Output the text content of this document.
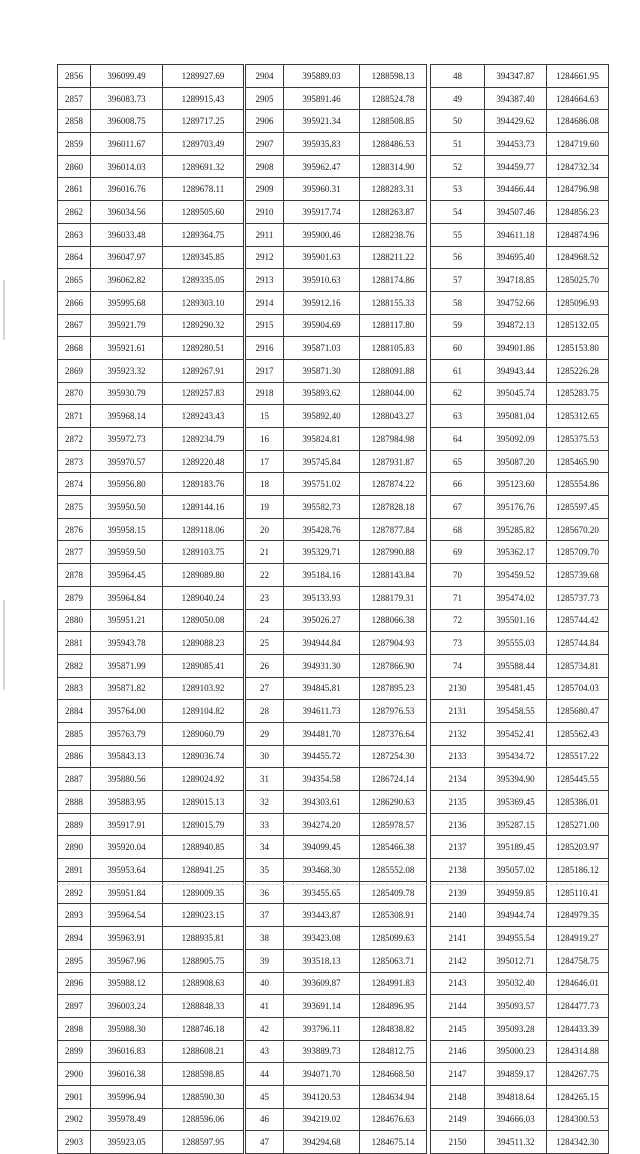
2856	396099.49	1289927.69
2857	396083.73	1289915.43
2858	396008.75	1289717.25
2859	396011.67	1289703.49
2860	396014.03	1289691.32
2861	396016.76	1289678.11
2862	396034.56	1289505.60
2863	396033.48	1289364.75
2864	396047.97	1289345.85
2865	396062.82	1289335.05
2866	395995.68	1289303.10
2867	395921.79	1289290.32
2868	395921.61	1289280.51
2869	395923.32	1289267.91
2870	395930.79	1289257.83
2871	395968.14	1289243.43
2872	395972.73	1289234.79
2873	395970.57	1289220.48
2874	395956.80	1289183.76
2875	395950.50	1289144.16
2876	395958.15	1289118.06
2877	395959.50	1289103.75
2878	395964.45	1289089.80
2879	395964.84	1289040.24
2880	395951.21	1289050.08
2881	395943.78	1289088.23
2882	395871.99	1289085.41
2883	395871.82	1289103.92
2884	395764.00	1289104.82
2885	395763.79	1289060.79
2886	395843.13	1289036.74
2887	395880.56	1289024.92
2888	395883.95	1289015.13
2889	395917.91	1289015.79
2890	395920.04	1288940.85
2891	395953.64	1288941.25
2892	395951.84	1289009.35
2893	395964.54	1289023.15
2894	395963.91	1288935.81
2895	395967.96	1288905.75
2896	395988.12	1288908.63
2897	396003.24	1288848.33
2898	395988.30	1288746.18
2899	396016.83	1288608.21
2900	396016.38	1288598.85
2901	395996.94	1288590.30
2902	395978.49	1288596.06
2903	395923.05	1288597.95
2904	395889.03	1288598.13
2905	395891.46	1288524.78
2906	395921.34	1288508.85
2907	395935.83	1288486.53
2908	395962.47	1288314.90
2909	395960.31	1288283.31
2910	395917.74	1288263.87
2911	395900.46	1288238.76
2912	395901.63	1288211.22
2913	395910.63	1288174.86
2914	395912.16	1288155.33
2915	395904.69	1288117.80
2916	395871.03	1288105.83
2917	395871.30	1288091.88
2918	395893.62	1288044.00
15	395892.40	1288043.27
16	395824.81	1287984.98
17	395745.84	1287931.87
18	395751.02	1287874.22
19	395582.73	1287828.18
20	395428.76	1287877.84
21	395329.71	1287990.88
22	395184.16	1288143.84
23	395133.93	1288179.31
24	395026.27	1288066.38
25	394944.84	1287904.93
26	394931.30	1287866.90
27	394845.81	1287895.23
28	394611.73	1287976.53
29	394481.70	1287376.64
30	394455.72	1287254.30
31	394354.58	1286724.14
32	394303.61	1286290.63
33	394274.20	1285978.57
34	394099.45	1285466.38
35	393468.30	1285552.08
36	393455.65	1285409.78
37	393443.87	1285308.91
38	393423.08	1285099.63
39	393518.13	1285063.71
40	393609.87	1284991.83
41	393691.14	1284896.95
42	393796.11	1284838.82
43	393889.73	1284812.75
44	394071.70	1284668.50
45	394120.53	1284634.94
46	394219.02	1284676.63
47	394294.68	1284675.14
48	394347.87	1284661.95
49	394387.40	1284664.63
50	394429.62	1284686.08
51	394453.73	1284719.60
52	394459.77	1284732.34
53	394466.44	1284796.98
54	394507.46	1284856.23
55	394611.18	1284874.96
56	394695.40	1284968.52
57	394718.85	1285025.70
58	394752.66	1285096.93
59	394872.13	1285132.05
60	394901.86	1285153.80
61	394943.44	1285226.28
62	395045.74	1285283.75
63	395081.04	1285312.65
64	395092.09	1285375.53
65	395087.20	1285465.90
66	395123.60	1285554.86
67	395176.76	1285597.45
68	395285.82	1285670.20
69	395362.17	1285709.70
70	395459.52	1285739.68
71	395474.02	1285737.73
72	395501.16	1285744.42
73	395555.03	1285744.84
74	395588.44	1285734.81
2130	395481.45	1285704.03
2131	395458.55	1285680.47
2132	395452.41	1285562.43
2133	395434.72	1285517.22
2134	395394.90	1285445.55
2135	395369.45	1285386.01
2136	395287.15	1285271.00
2137	395189.45	1285203.97
2138	395057.02	1285186.12
2139	394959.85	1285110.41
2140	394944.74	1284979.35
2141	394955.54	1284919.27
2142	395012.71	1284758.75
2143	395032.40	1284646.01
2144	395093.57	1284477.73
2145	395093.28	1284433.39
2146	395000.23	1284314.88
2147	394859.17	1284267.75
2148	394818.64	1284265.15
2149	394666.03	1284300.53
2150	394511.32	1284342.30
